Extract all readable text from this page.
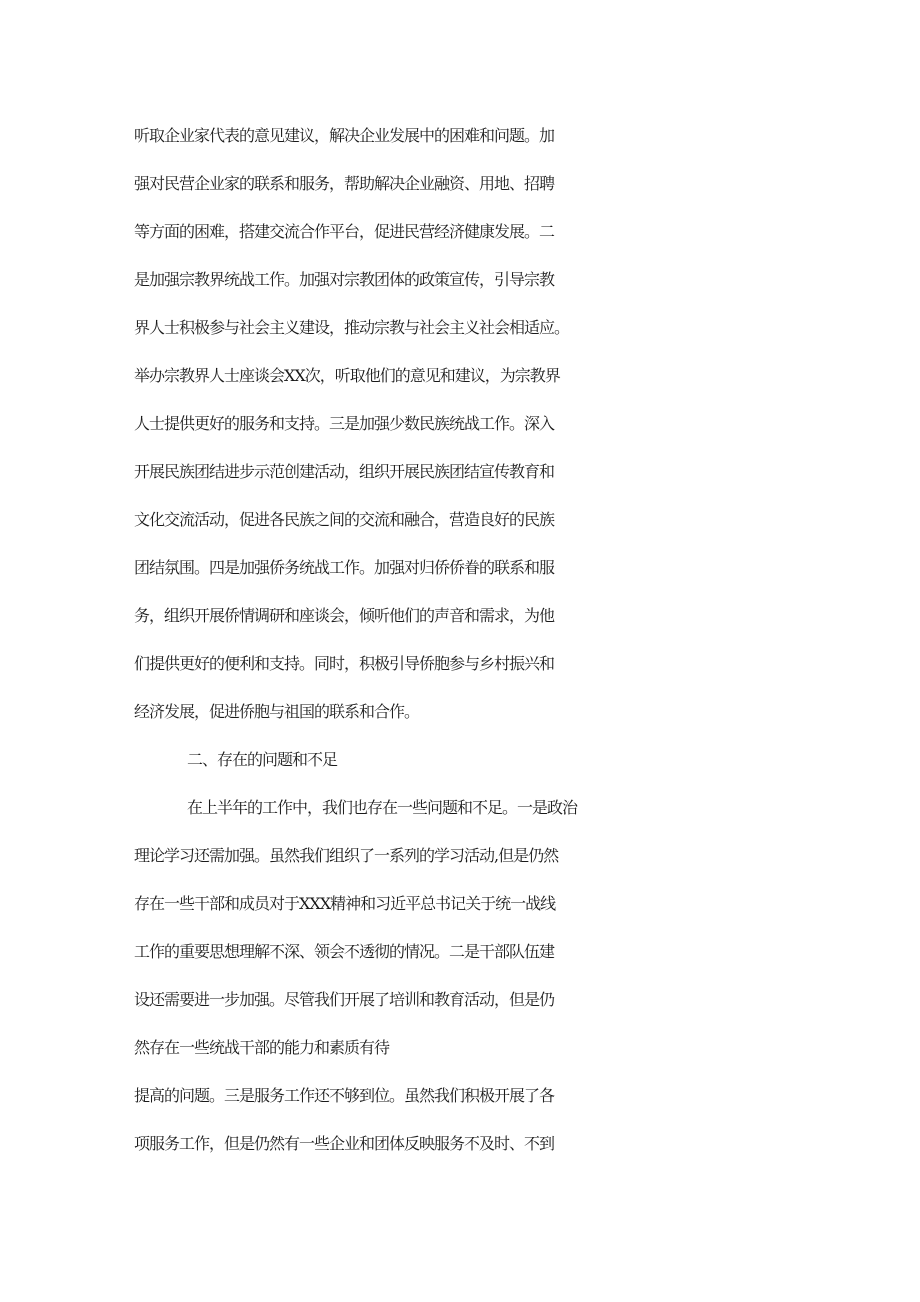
听取企业家代表的意见建议，解决企业发展中的困难和问题。加
强对民营企业家的联系和服务，帮助解决企业融资、用地、招聘
等方面的困难，搭建交流合作平台，促进民营经济健康发展。二
是加强宗教界统战工作。加强对宗教团体的政策宣传，引导宗教
界人士积极参与社会主义建设，推动宗教与社会主义社会相适应。
举办宗教界人士座谈会XX次，听取他们的意见和建议，为宗教界
人士提供更好的服务和支持。三是加强少数民族统战工作。深入
开展民族团结进步示范创建活动，组织开展民族团结宣传教育和
文化交流活动，促进各民族之间的交流和融合，营造良好的民族
团结氛围。四是加强侨务统战工作。加强对归侨侨眷的联系和服
务，组织开展侨情调研和座谈会，倾听他们的声音和需求，为他
们提供更好的便利和支持。同时，积极引导侨胞参与乡村振兴和
经济发展，促进侨胞与祖国的联系和合作。
二、存在的问题和不足
在上半年的工作中，我们也存在一些问题和不足。一是政治
理论学习还需加强。虽然我们组织了一系列的学习活动,但是仍然
存在一些干部和成员对于XXX精神和习近平总书记关于统一战线
工作的重要思想理解不深、领会不透彻的情况。二是干部队伍建
设还需要进一步加强。尽管我们开展了培训和教育活动，但是仍
然存在一些统战干部的能力和素质有待
提高的问题。三是服务工作还不够到位。虽然我们积极开展了各
项服务工作，但是仍然有一些企业和团体反映服务不及时、不到
